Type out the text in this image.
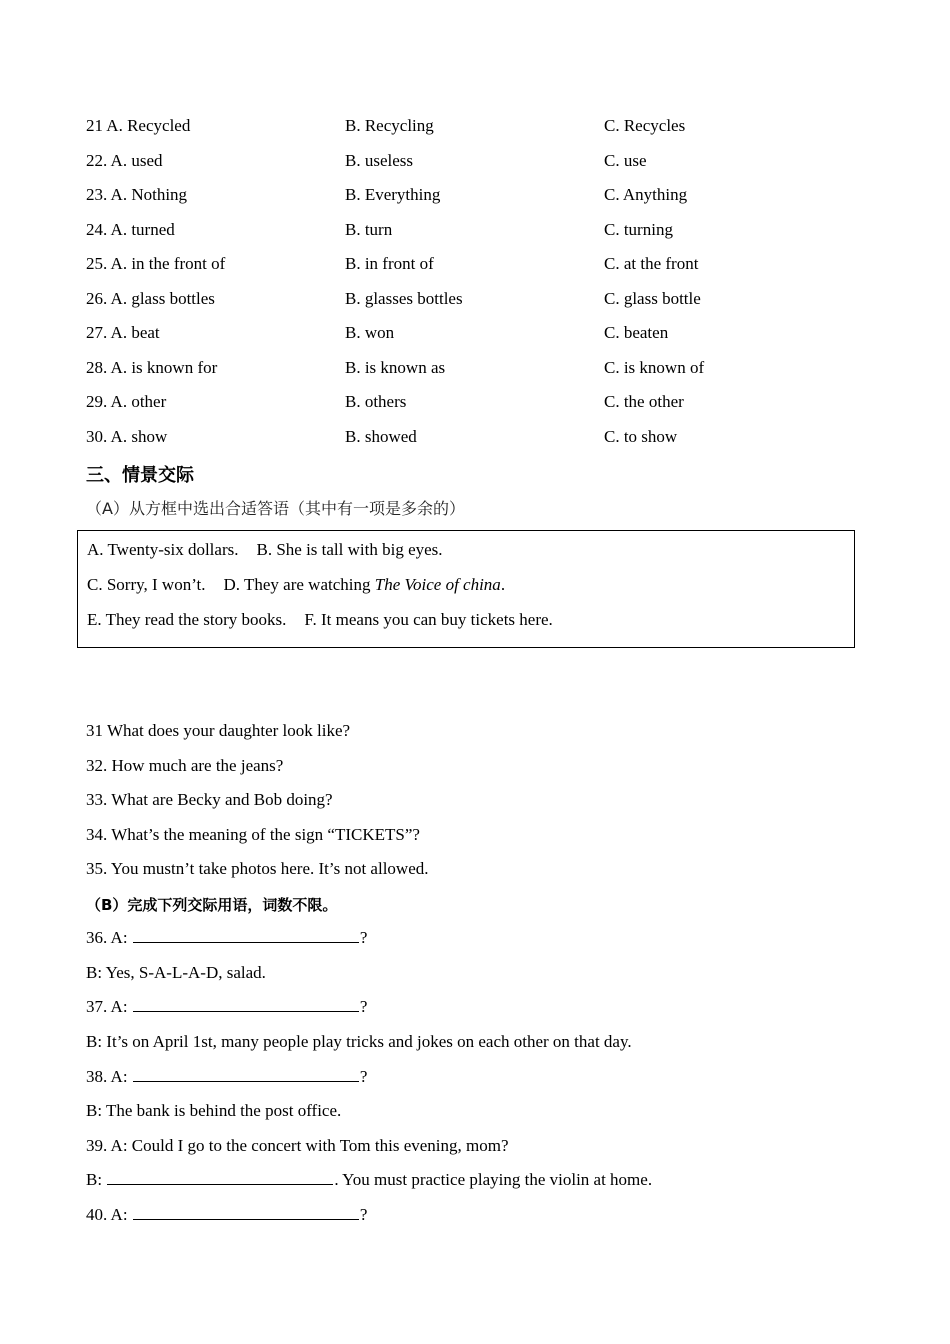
21 A. Recycled	B. Recycling	C. Recycles
22. A. used	B. useless	C. use
23. A. Nothing	B. Everything	C. Anything
24. A. turned	B. turn	C. turning
25. A. in the front of	B. in front of	C. at the front
26. A. glass bottles	B. glasses bottles	C. glass bottle
27. A. beat	B. won	C. beaten
28. A. is known for	B. is known as	C. is known of
29. A. other	B. others	C. the other
30. A. show	B. showed	C. to show
三、情景交际
（A）从方框中选出合适答语（其中有一项是多余的）
31 What does your daughter look like?
32. How much are the jeans?
33. What are Becky and Bob doing?
34. What’s the meaning of the sign “TICKETS”?
35. You mustn’t take photos here. It’s not allowed.
（B）完成下列交际用语，词数不限。
36. A:	?
B: Yes, S-A-L-A-D, salad.
37. A:	?
B: It’s on April 1st, many people play tricks and jokes on each other on that day.
38. A:	?
B: The bank is behind the post office.
39. A: Could I go to the concert with Tom this evening, mom?
B:	. You must practice playing the violin at home.
40. A:	?
A. Twenty-six dollars. B. She is tall with big eyes.
C. Sorry, I won’t. D. They are watching The Voice of china.
E. They read the story books. F. It means you can buy tickets here.
